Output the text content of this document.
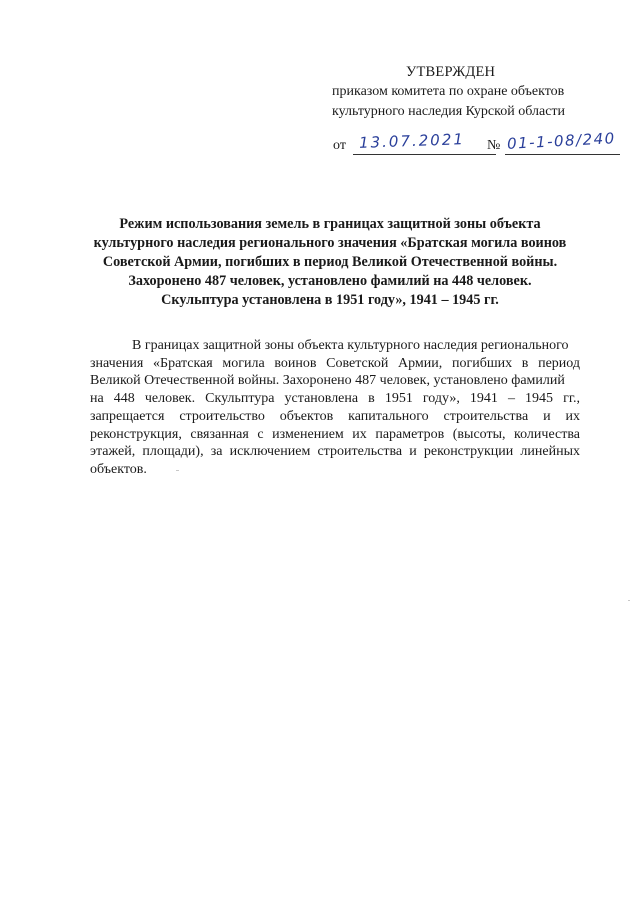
УТВЕРЖДЕН
приказом комитета по охране объектов
культурного наследия Курской области
от 13.07.2021 № 01-1-08/240
Режим использования земель в границах защитной зоны объекта
культурного наследия регионального значения «Братская могила воинов
Советской Армии, погибших в период Великой Отечественной войны.
Захоронено 487 человек, установлено фамилий на 448 человек.
Скульптура установлена в 1951 году», 1941 – 1945 гг.
В границах защитной зоны объекта культурного наследия регионального
значения «Братская могила воинов Советской Армии, погибших в период
Великой Отечественной войны. Захоронено 487 человек, установлено фамилий
на 448 человек. Скульптура установлена в 1951 году», 1941 – 1945 гг.,
запрещается строительство объектов капитального строительства и их
реконструкция, связанная с изменением их параметров (высоты, количества
этажей, площади), за исключением строительства и реконструкции линейных
объектов.
